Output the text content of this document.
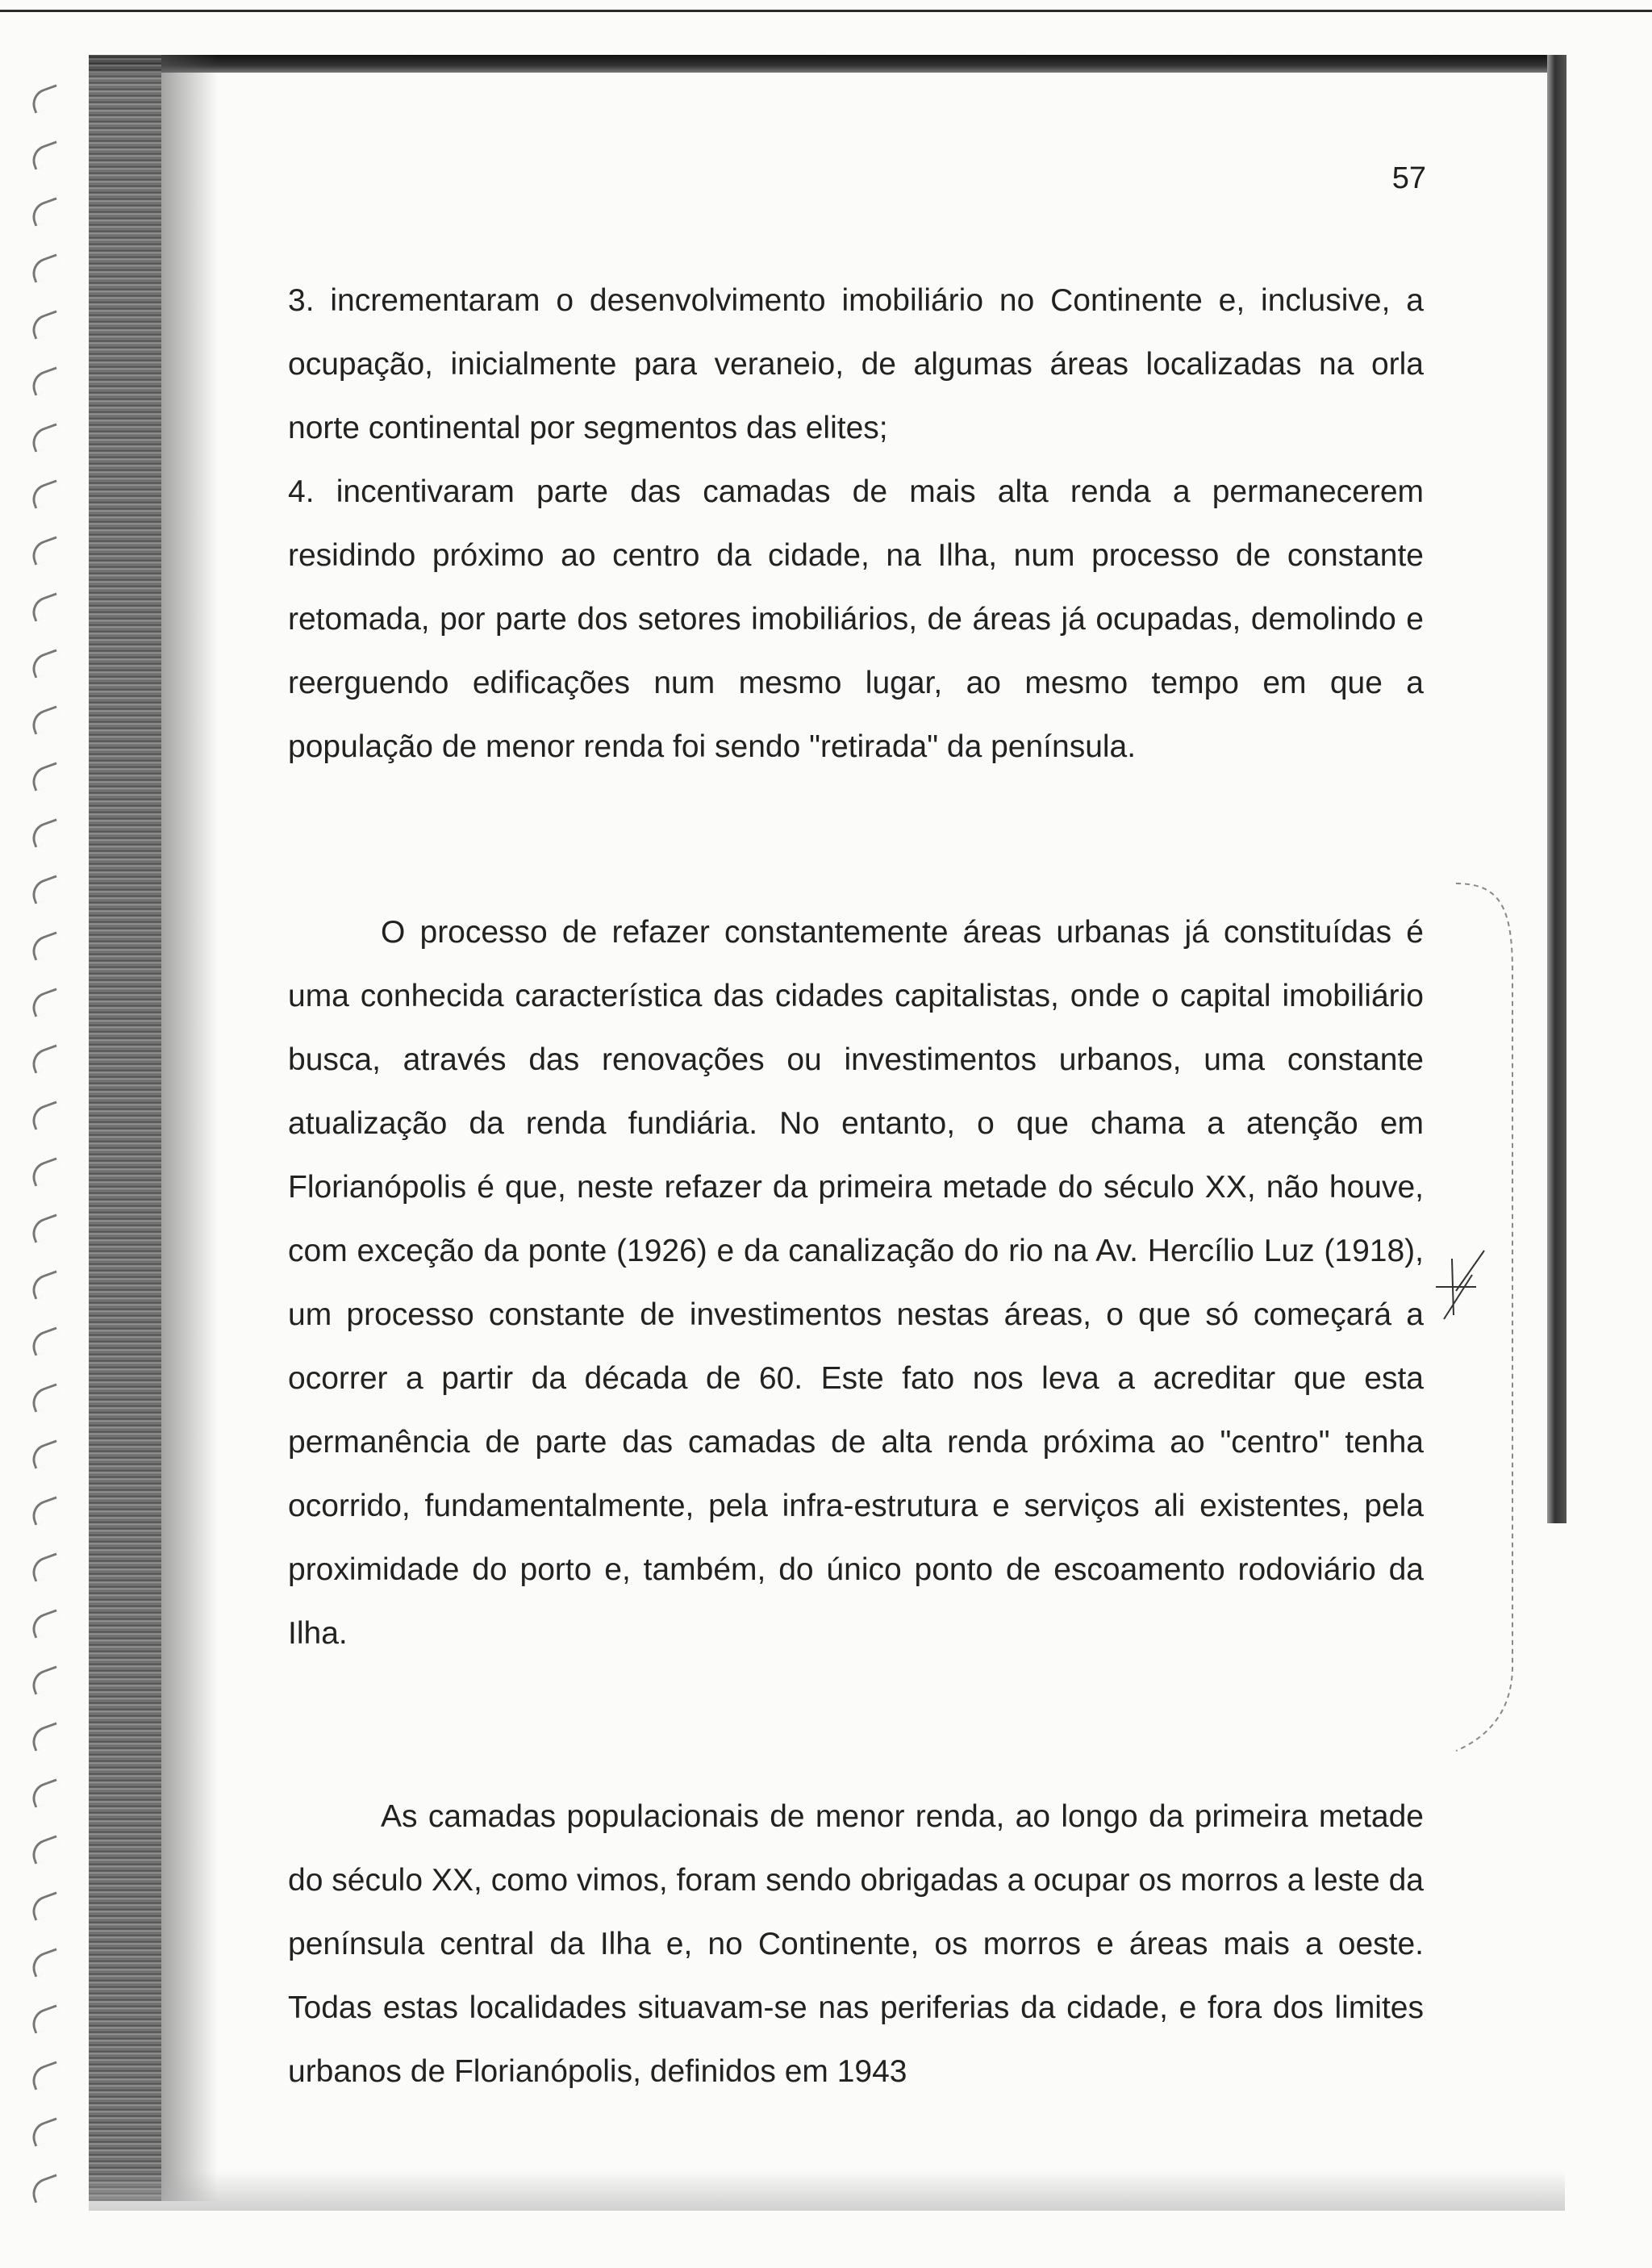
57

3. incrementaram o desenvolvimento imobiliário no Continente e, inclusive, a ocupação, inicialmente para veraneio, de algumas áreas localizadas na orla norte continental por segmentos das elites;

4. incentivaram parte das camadas de mais alta renda a permanecerem residindo próximo ao centro da cidade, na Ilha, num processo de constante retomada, por parte dos setores imobiliários, de áreas já ocupadas, demolindo e reerguendo edificações num mesmo lugar, ao mesmo tempo em que a população de menor renda foi sendo "retirada" da península.

O processo de refazer constantemente áreas urbanas já constituídas é uma conhecida característica das cidades capitalistas, onde o capital imobiliário busca, através das renovações ou investimentos urbanos, uma constante atualização da renda fundiária. No entanto, o que chama a atenção em Florianópolis é que, neste refazer da primeira metade do século XX, não houve, com exceção da ponte (1926) e da canalização do rio na Av. Hercílio Luz (1918), um processo constante de investimentos nestas áreas, o que só começará a ocorrer a partir da década de 60. Este fato nos leva a acreditar que esta permanência de parte das camadas de alta renda próxima ao "centro" tenha ocorrido, fundamentalmente, pela infra-estrutura e serviços ali existentes, pela proximidade do porto e, também, do único ponto de escoamento rodoviário da Ilha.

As camadas populacionais de menor renda, ao longo da primeira metade do século XX, como vimos, foram sendo obrigadas a ocupar os morros a leste da península central da Ilha e, no Continente, os morros e áreas mais a oeste. Todas estas localidades situavam-se nas periferias da cidade, e fora dos limites urbanos de Florianópolis, definidos em 1943
